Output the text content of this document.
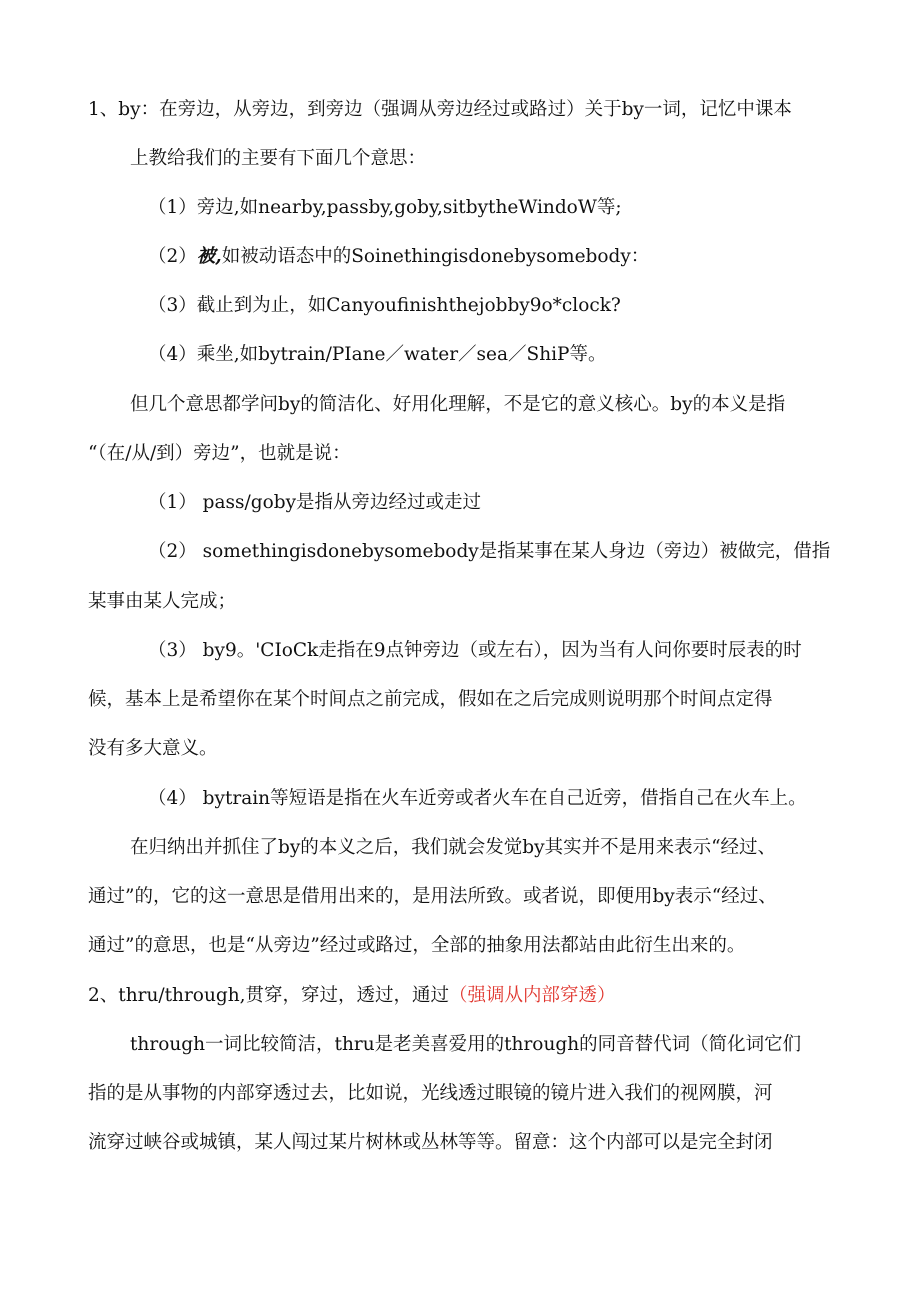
1、by：在旁边，从旁边，到旁边（强调从旁边经过或路过）关于by一词，记忆中课本
上教给我们的主要有下面几个意思：
（1）旁边,如nearby,passby,goby,sitbytheWindoW等;
（2）被,如被动语态中的Soinethingisdonebysomebody：
（3）截止到为止，如Canyoufinishthejobby9o*clock?
（4）乘坐,如bytrain/PIane／water／sea／ShiP等。
但几个意思都学问by的简洁化、好用化理解，不是它的意义核心。by的本义是指
“（在/从/到）旁边”，也就是说：
（1） pass/goby是指从旁边经过或走过
（2） somethingisdonebysomebody是指某事在某人身边（旁边）被做完，借指
某事由某人完成；
（3） by9。'CIoCk走指在9点钟旁边（或左右），因为当有人问你要时辰表的时
候，基本上是希望你在某个时间点之前完成，假如在之后完成则说明那个时间点定得
没有多大意义。
（4） bytrain等短语是指在火车近旁或者火车在自己近旁，借指自己在火车上。
在归纳出并抓住了by的本义之后，我们就会发觉by其实并不是用来表示“经过、
通过”的，它的这一意思是借用出来的，是用法所致。或者说，即便用by表示“经过、
通过”的意思，也是“从旁边”经过或路过，全部的抽象用法都站由此衍生出来的。
2、thru/through,贯穿，穿过，透过，通过（强调从内部穿透）
through一词比较简洁，thru是老美喜爱用的through的同音替代词（简化词它们
指的是从事物的内部穿透过去，比如说，光线透过眼镜的镜片进入我们的视网膜，河
流穿过峡谷或城镇，某人闯过某片树林或丛林等等。留意：这个内部可以是完全封闭
